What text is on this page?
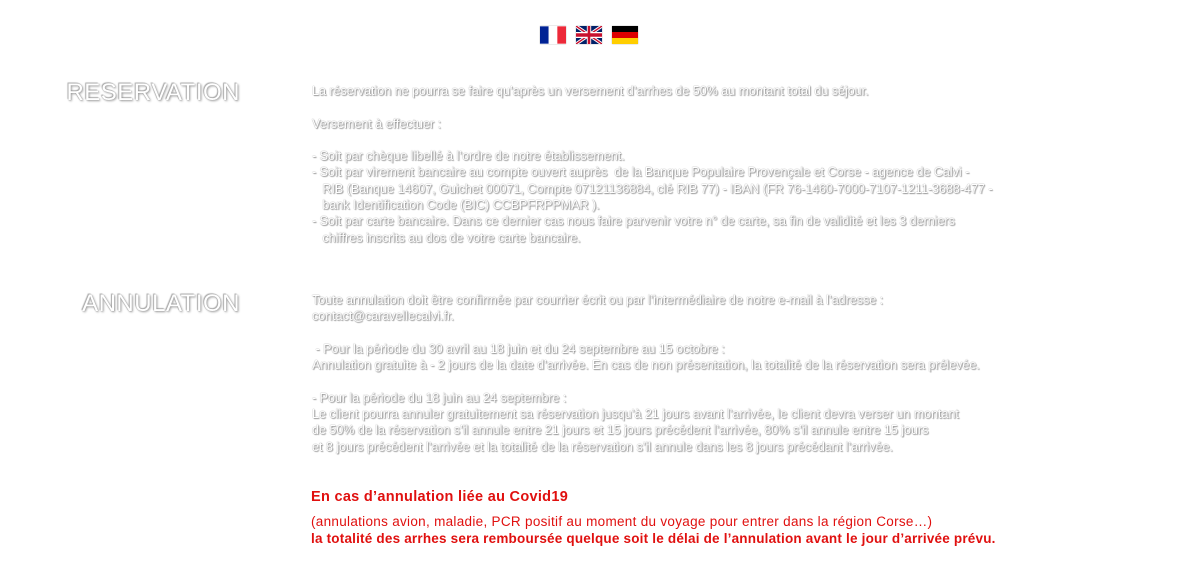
RESERVATION	La réservation ne pourra se faire qu’après un versement d’arrhes de 50% au montant total du séjour.

Versement à effectuer :

- Soit par chèque libellé à l’ordre de notre établissement.
- Soit par virement bancaire au compte ouvert auprès  de la Banque Populaire Provençale et Corse - agence de Calvi -
RIB (Banque 14607, Guichet 00071, Compte 07121136884, clé RIB 77) - IBAN (FR 76-1460-7000-7107-1211-3688-477 -
bank Identification Code (BIC) CCBPFRPPMAR ).
- Soit par carte bancaire. Dans ce dernier cas nous faire parvenir votre n° de carte, sa fin de validité et les 3 derniers
chiffres inscrits au dos de votre carte bancaire.

ANNULATION	Toute annulation doit être confirmée par courrier écrit ou par l’intermédiaire de notre e-mail à l’adresse :
contact@caravellecalvi.fr.

- Pour la période du 30 avril au 18 juin et du 24 septembre au 15 octobre :
Annulation gratuite à - 2 jours de la date d’arrivée. En cas de non présentation, la totalité de la réservation sera prélevée.

- Pour la période du 18 juin au 24 septembre :
Le client pourra annuler gratuitement sa réservation jusqu’à 21 jours avant l’arrivée, le client devra verser un montant
de 50% de la réservation s’il annule entre 21 jours et 15 jours précédent l’arrivée, 80% s’il annule entre 15 jours
et 8 jours précédent l’arrivée et la totalité de la réservation s’il annule dans les 8 jours précédant l’arrivée.

En cas d’annulation liée au Covid19

(annulations avion, maladie, PCR positif au moment du voyage pour entrer dans la région Corse…)

la totalité des arrhes sera remboursée quelque soit le délai de l’annulation avant le jour d’arrivée prévu.
